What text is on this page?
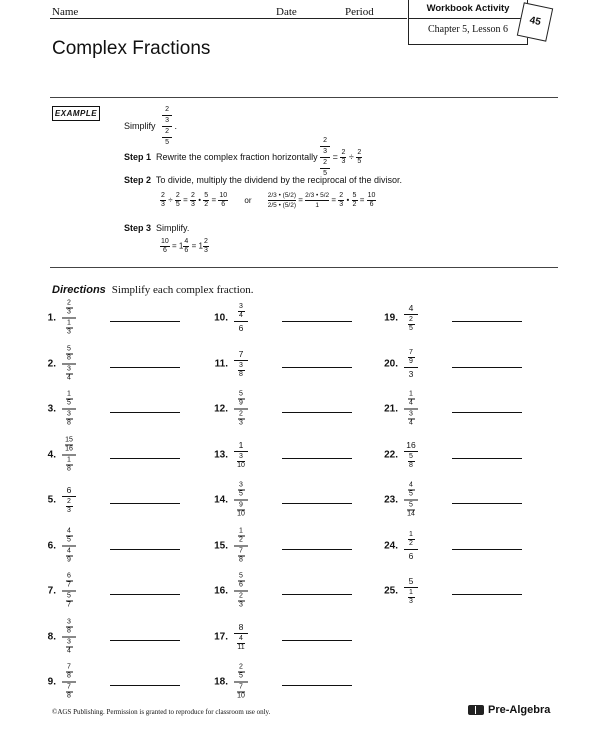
Name	Date	Period	Workbook Activity
Chapter 5, Lesson 6
45
Complex Fractions
EXAMPLE
Simplify 2
3
2
5 .
Step 1 Rewrite the complex fraction horizontally 2
3
2
$5 = \frac{2}{3} \div \frac{2}{5}$
Step 2 To divide, multiply the dividend by the reciprocal of the divisor.
$\frac{2}{3} \div \frac{2}{5} = \frac{2}{3}$ • $\frac{5}{2} = \frac{10}{6}$ or $\frac{2/3 • (5/2)}{2/5 • (5/2)} = \frac{2/3 • 5/2}{1} = \frac{2}{3}$ • $\frac{5}{2} = \frac{10}{6}$
Step 3 Simplify.
$\frac{10}{6} = 1 \frac{4}{6} = 1 \frac{2}{3}$
Directions Simplify each complex fraction.
1.
2
3
1
3
2.
5
8
3
4
3.
1
5
3
8
4.
15
16
1
8
5.
6
2
3
6.
4
5
4
9
7.
6
7
5
7
8.
3
8
3
4
9.
7
8
7
8
10.
3
4
6
11.
7
3
8
12.
5
9
2
3
13.
1
3
10
14.
3
5
9
10
15.
1
2
7
8
16.
5
6
2
3
17.
8
4
11
18.
2
5
7
10
19.
4
2
5
20.
7
9
3
21.
1
4
3
4
22.
16
5
8
23.
4
5
5
14
24.
1
2
6
25.
5
1
3
©AGS Publishing. Permission is granted to reproduce for classroom use only.	Pre-Algebra
